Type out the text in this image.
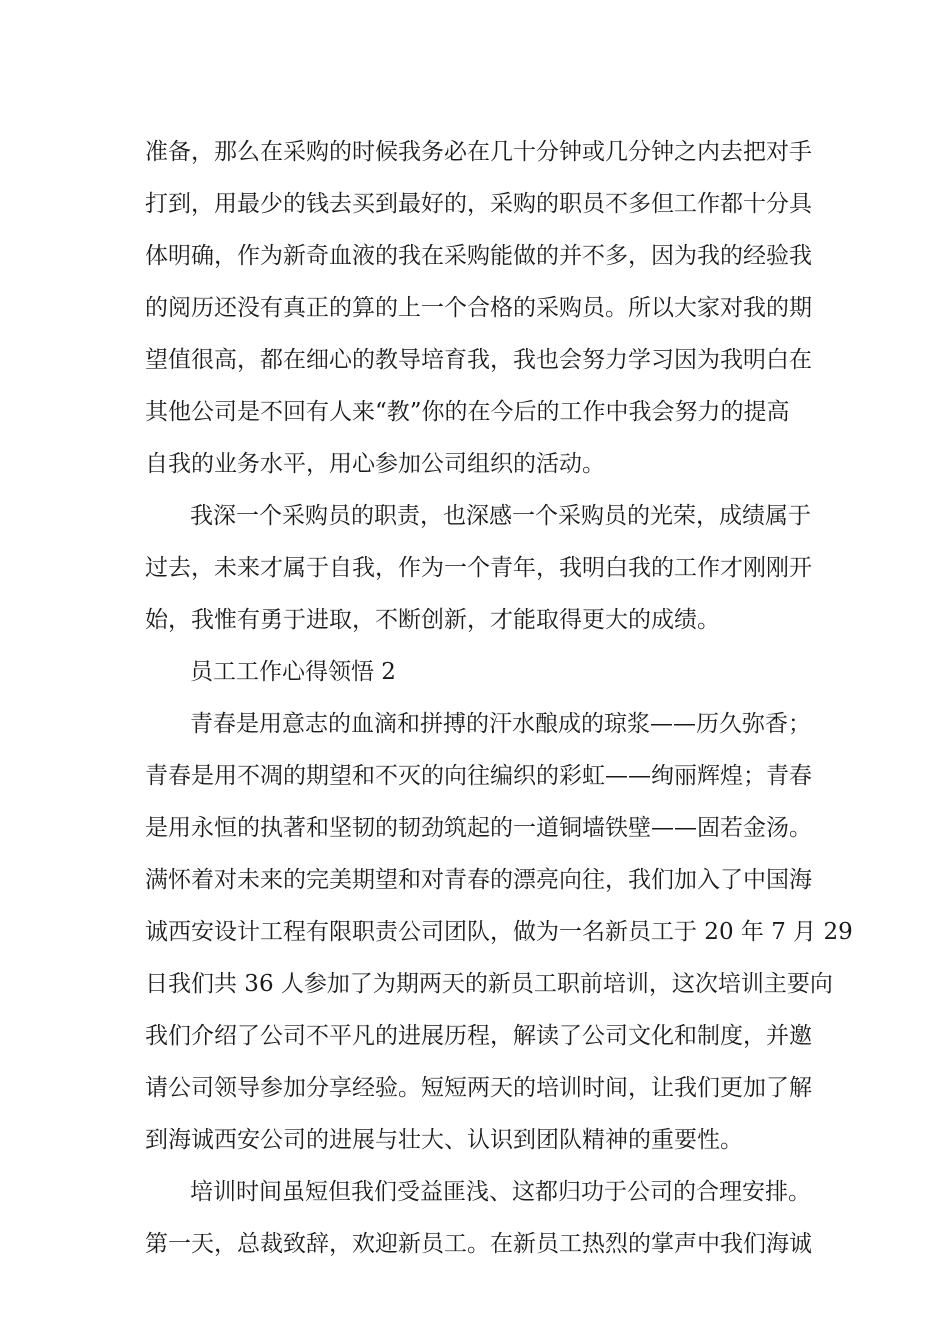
准备，那么在采购的时候我务必在几十分钟或几分钟之内去把对手
打到，用最少的钱去买到最好的，采购的职员不多但工作都十分具
体明确，作为新奇血液的我在采购能做的并不多，因为我的经验我
的阅历还没有真正的算的上一个合格的采购员。所以大家对我的期
望值很高，都在细心的教导培育我，我也会努力学习因为我明白在
其他公司是不回有人来“教”你的在今后的工作中我会努力的提高
自我的业务水平，用心参加公司组织的活动。
我深一个采购员的职责，也深感一个采购员的光荣，成绩属于
过去，未来才属于自我，作为一个青年，我明白我的工作才刚刚开
始，我惟有勇于进取，不断创新，才能取得更大的成绩。
员工工作心得领悟 2
青春是用意志的血滴和拼搏的汗水酿成的琼浆——历久弥香；
青春是用不凋的期望和不灭的向往编织的彩虹——绚丽辉煌；青春
是用永恒的执著和坚韧的韧劲筑起的一道铜墙铁壁——固若金汤。
满怀着对未来的完美期望和对青春的漂亮向往，我们加入了中国海
诚西安设计工程有限职责公司团队，做为一名新员工于 20 年 7 月 29
日我们共 36 人参加了为期两天的新员工职前培训，这次培训主要向
我们介绍了公司不平凡的进展历程，解读了公司文化和制度，并邀
请公司领导参加分享经验。短短两天的培训时间，让我们更加了解
到海诚西安公司的进展与壮大、认识到团队精神的重要性。
培训时间虽短但我们受益匪浅、这都归功于公司的合理安排。
第一天，总裁致辞，欢迎新员工。在新员工热烈的掌声中我们海诚
